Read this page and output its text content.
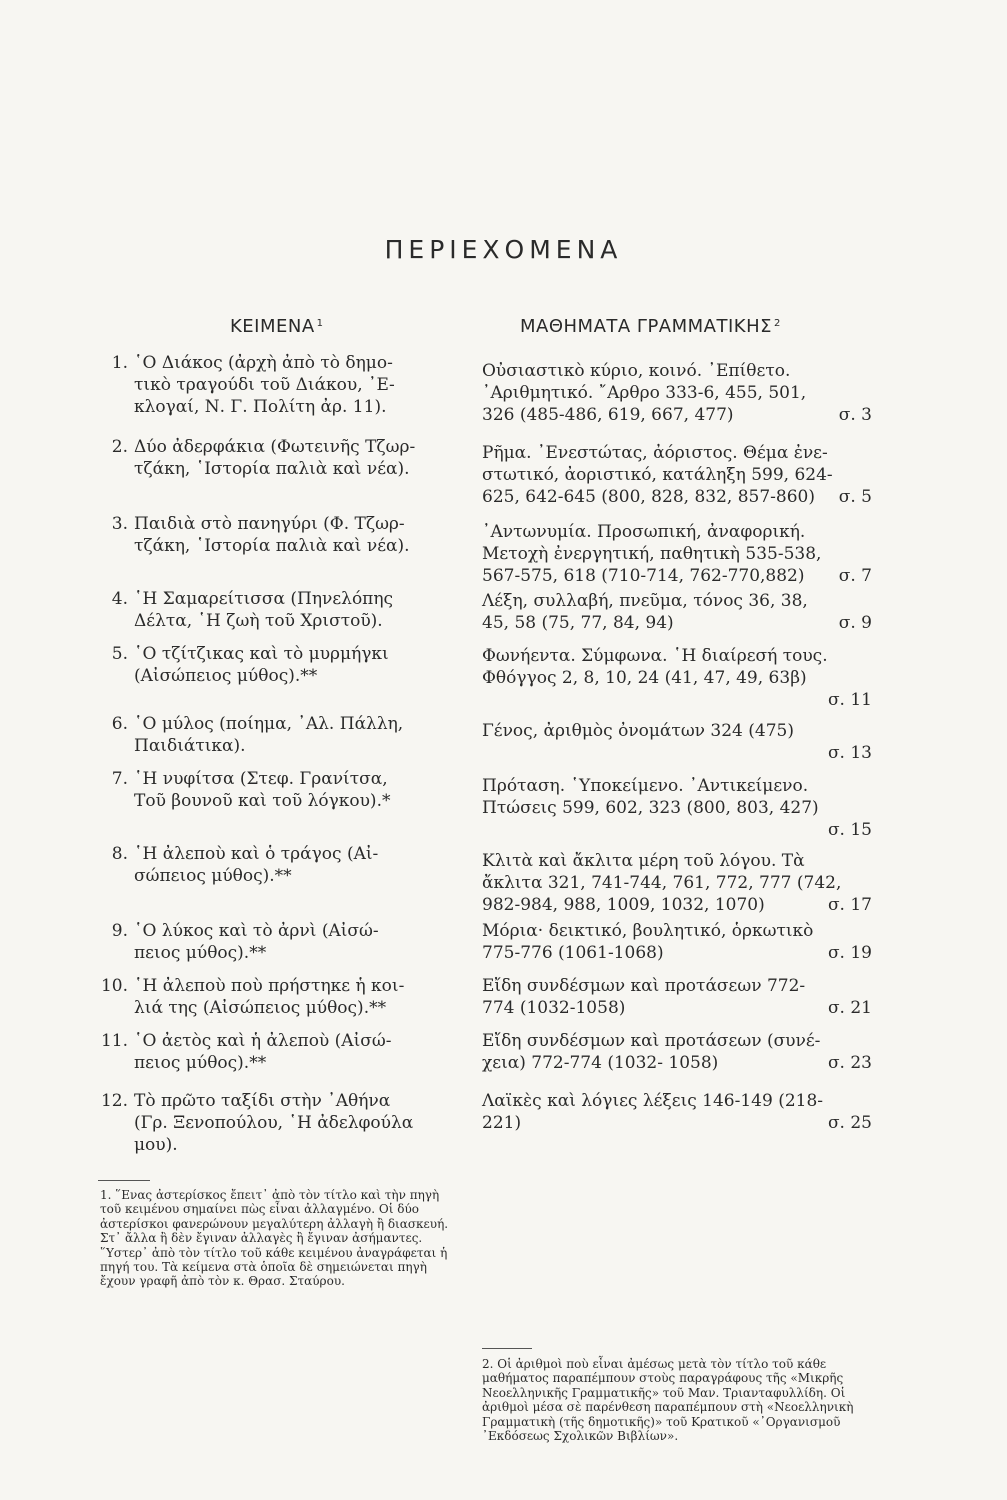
ΠΕΡΙΕΧΟΜΕΝΑ
ΚΕΙΜΕΝΑ $^1$	ΜΑΘΗΜΑΤΑ ΓΡΑΜΜΑΤΙΚΗΣ $^2$
1. ῾Ο Διάκος (ἀρχὴ ἀπὸ τὸ δημο-
τικὸ τραγούδι τοῦ Διάκου, ᾿Ε-
κλογαί, Ν. Γ. Πολίτη ἀρ. 11).
2. Δύο ἀδερφάκια (Φωτεινῆς Τζωρ-
τζάκη, ῾Ιστορία παλιὰ καὶ νέα).
3. Παιδιὰ στὸ πανηγύρι (Φ. Τζωρ-
τζάκη, ῾Ιστορία παλιὰ καὶ νέα).
4. ῾Η Σαμαρείτισσα (Πηνελόπης
Δέλτα, ῾Η ζωὴ τοῦ Χριστοῦ).
5. ῾Ο τζίτζικας καὶ τὸ μυρμήγκι
(Αἰσώπειος μύθος).**
6. ῾Ο μύλος (ποίημα, ᾿Αλ. Πάλλη,
Παιδιάτικα).
7. ῾Η νυφίτσα (Στεφ. Γρανίτσα,
Τοῦ βουνοῦ καὶ τοῦ λόγκου).*
8. ῾Η ἀλεποὺ καὶ ὁ τράγος (Αἰ-
σώπειος μύθος).**
9. ῾Ο λύκος καὶ τὸ ἀρνὶ (Αἰσώ-
πειος μύθος).**
10. ῾Η ἀλεποὺ ποὺ πρήστηκε ἡ κοι-
λιά της (Αἰσώπειος μύθος).**
11. ῾Ο ἀετὸς καὶ ἡ ἀλεποὺ (Αἰσώ-
πειος μύθος).**
12. Τὸ πρῶτο ταξίδι στὴν ᾿Αθήνα
(Γρ. Ξενοπούλου, ῾Η ἀδελφούλα
μου).
Οὐσιαστικὸ κύριο, κοινό. ᾿Επίθετο.
᾿Αριθμητικό. ῎Αρθρο 333-6, 455, 501,
326 (485-486, 619, 667, 477)	σ. 3
Ρῆμα. ᾿Ενεστώτας, ἀόριστος. Θέμα ἐνε-
στωτικό, ἀοριστικό, κατάληξη 599, 624-
625, 642-645 (800, 828, 832, 857-860) σ. 5
᾿Αντωνυμία. Προσωπική, ἀναφορική.
Μετοχὴ ἐνεργητική, παθητικὴ 535-538,
567-575, 618 (710-714, 762-770,882) σ. 7
Λέξη, συλλαβή, πνεῦμα, τόνος 36, 38,
45, 58 (75, 77, 84, 94)	σ. 9
Φωνήεντα. Σύμφωνα. ῾Η διαίρεσή τους.
Φθόγγος 2, 8, 10, 24 (41, 47, 49, 63β)
σ. 11
Γένος, ἀριθμὸς ὀνομάτων 324 (475)
σ. 13
Πρόταση. ῾Υποκείμενο. ᾿Αντικείμενο.
Πτώσεις 599, 602, 323 (800, 803, 427)
σ. 15
Κλιτὰ καὶ ἄκλιτα μέρη τοῦ λόγου. Τὰ
ἄκλιτα 321, 741-744, 761, 772, 777 (742,
982-984, 988, 1009, 1032, 1070)	σ. 17
Μόρια· δεικτικό, βουλητικό, ὁρκωτικὸ
775-776 (1061-1068)	σ. 19
Εἴδη συνδέσμων καὶ προτάσεων 772-
774 (1032-1058)	σ. 21
Εἴδη συνδέσμων καὶ προτάσεων (συνέ-
χεια) 772-774 (1032- 1058)	σ. 23
Λαϊκὲς καὶ λόγιες λέξεις 146-149 (218-
221)	σ. 25
1. ῞Ενας ἀστερίσκος ἔπειτ᾿ ἀπὸ τὸν τίτλο καὶ τὴν πηγὴ τοῦ κειμένου σημαίνει πὼς εἶναι ἀλλαγμένο. Οἱ δύο ἀστερίσκοι φανερώνουν μεγαλύτερη ἀλλαγὴ ἢ διασκευή. Στ᾿ ἄλλα ἢ δὲν ἔγιναν ἀλλαγὲς ἢ ἔγιναν ἀσήμαντες. ῞Υστερ᾿ ἀπὸ τὸν τίτλο τοῦ κάθε κειμένου ἀναγράφεται ἡ πηγή του. Τὰ κείμενα στὰ ὁποῖα δὲ σημειώνεται πηγὴ ἔχουν γραφῆ ἀπὸ τὸν κ. Θρασ. Σταύρου.
2. Οἱ ἀριθμοὶ ποὺ εἶναι ἀμέσως μετὰ τὸν τίτλο τοῦ κάθε μαθήματος παραπέμπουν στοὺς παραγράφους τῆς «Μικρῆς Νεοελληνικῆς Γραμματικῆς» τοῦ Μαν. Τριανταφυλλίδη. Οἱ ἀριθμοὶ μέσα σὲ παρένθεση παραπέμπουν στὴ «Νεοελληνικὴ Γραμματικὴ (τῆς δημοτικῆς)» τοῦ Κρατικοῦ «᾿Οργανισμοῦ ᾿Εκδόσεως Σχολικῶν Βιβλίων».
